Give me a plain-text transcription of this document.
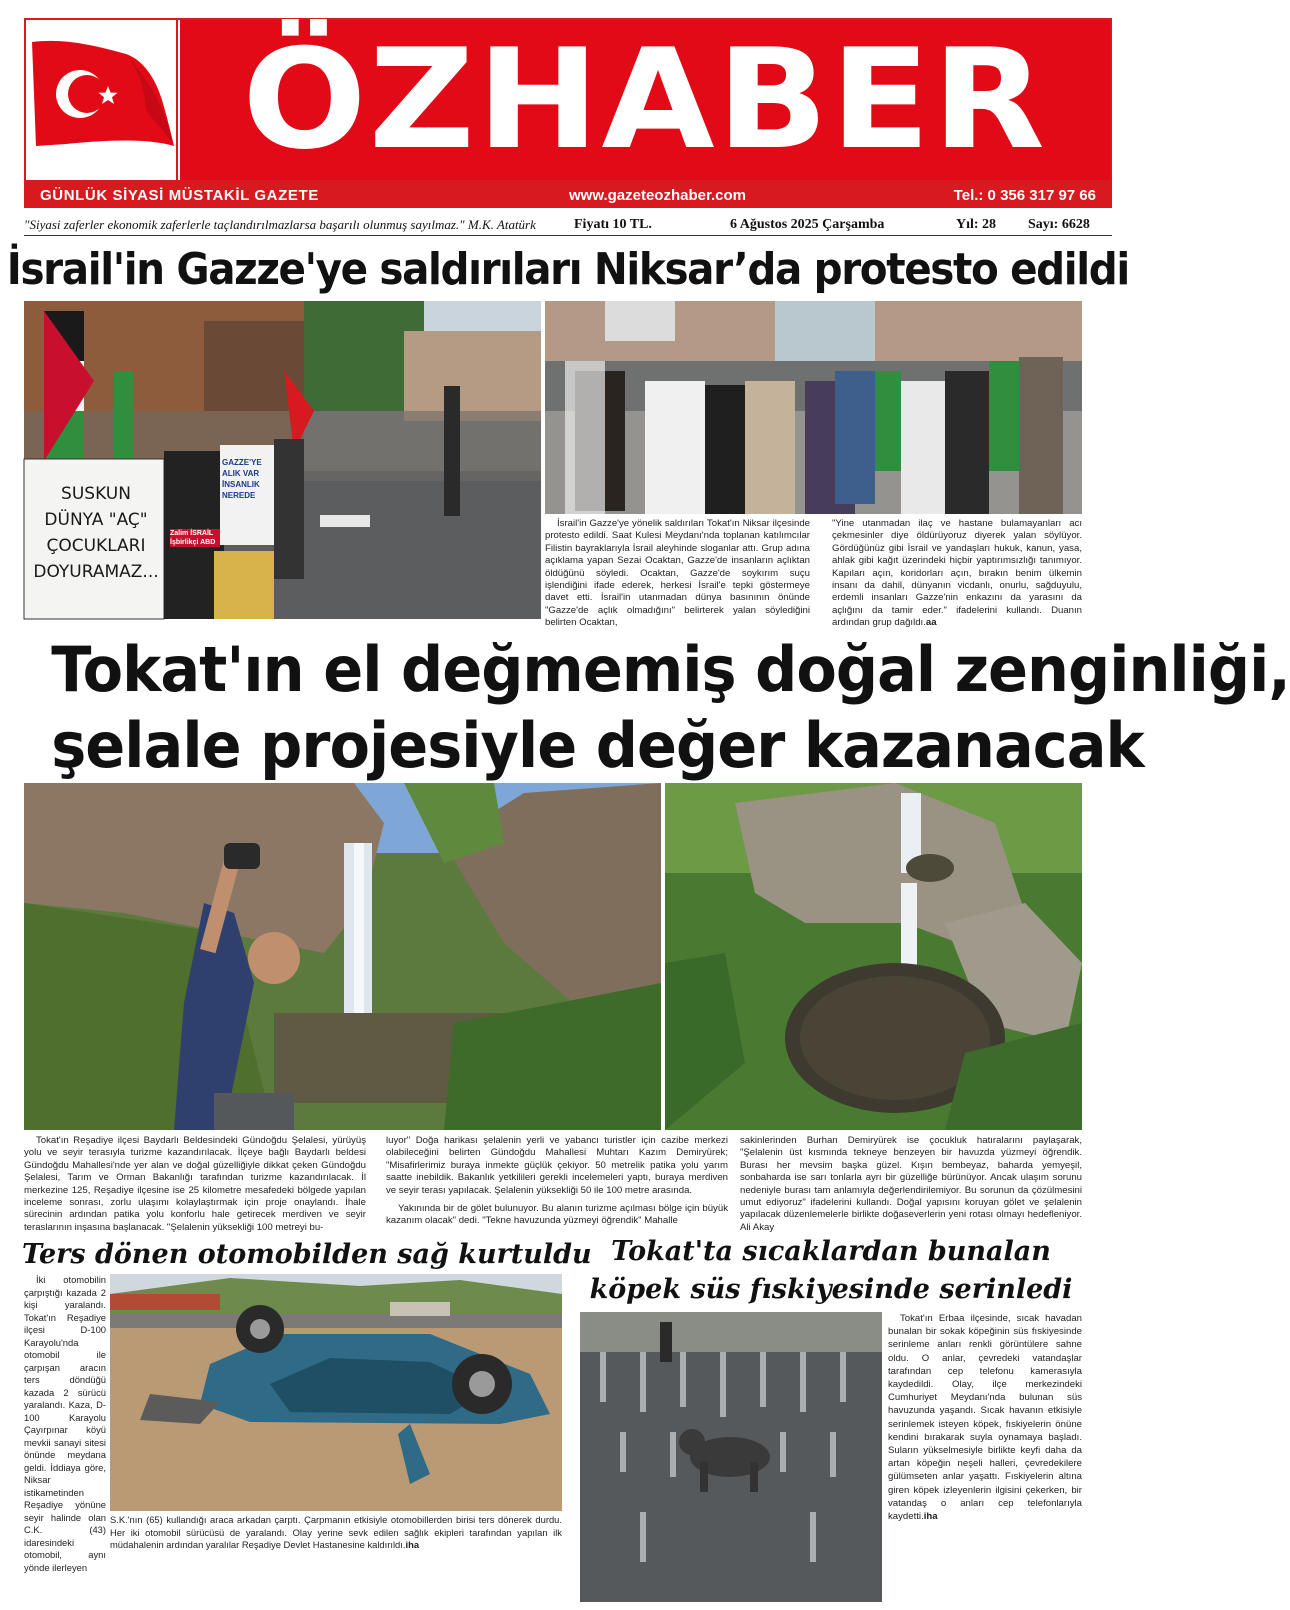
ÖZHABER
GÜNLÜK SİYASİ MÜSTAKİL GAZETE	www.gazeteozhaber.com	Tel.: 0 356 317 97 66
"Siyasi zaferler ekonomik zaferlerle taçlandırılmazlarsa başarılı olunmuş sayılmaz." M.K. Atatürk	Fiyatı 10 TL.	6 Ağustos 2025 Çarşamba	Yıl: 28 Sayı: 6628
İsrail'in Gazze'ye saldırıları Niksar’da protesto edildi
SUSKUN DÜNYA "AÇ" ÇOCUKLARI DOYURAMAZ...
GAZZE'YE ALIK VAR İNSANLIK NEREDE
Zalim İSRAİL İşbirlikçi ABD

İsrail'in Gazze'ye yönelik saldırıları Tokat'ın Niksar ilçesinde protesto edildi. Saat Kulesi Meydanı'nda toplanan katılımcılar Filistin bayraklarıyla İsrail aleyhinde sloganlar attı. Grup adına açıklama yapan Sezai Ocaktan, Gazze'de insanların açlıktan öldüğünü söyledi. Ocaktan, Gazze'de soykırım suçu işlendiğini ifade ederek, herkesi İsrail'e tepki göstermeye davet etti. İsrail'in utanmadan dünya basınının önünde "Gazze'de açlık olmadığını" belirterek yalan söylediğini belirten Ocaktan,

"Yine utanmadan ilaç ve hastane bulamayanları acı çekmesinler diye öldürüyoruz diyerek yalan söylüyor. Gördüğünüz gibi İsrail ve yandaşları hukuk, kanun, yasa, ahlak gibi kağıt üzerindeki hiçbir yaptırımsızlığı tanımıyor. Kapıları açın, koridorları açın, bırakın benim ülkemin insanı da dahil, dünyanın vicdanlı, onurlu, sağduyulu, erdemli insanları Gazze'nin enkazını da yarasını da açlığını da tamir eder." ifadelerini kullandı. Duanın ardından grup dağıldı.aa

Tokat'ın el değmemiş doğal zenginliği,
şelale projesiyle değer kazanacak

Tokat'ın Reşadiye ilçesi Baydarlı Beldesindeki Gündoğdu Şelalesi, yürüyüş yolu ve seyir terasıyla turizme kazandırılacak. İlçeye bağlı Baydarlı beldesi Gündoğdu Mahallesi'nde yer alan ve doğal güzelliğiyle dikkat çeken Gündoğdu Şelalesi, Tarım ve Orman Bakanlığı tarafından turizme kazandırılacak. İl merkezine 125, Reşadiye ilçesine ise 25 kilometre mesafedeki bölgede yapılan inceleme sonrası, zorlu ulaşımı kolaylaştırmak için proje onaylandı. İhale sürecinin ardından patika yolu konforlu hale getirecek merdiven ve seyir teraslarının inşasına başlanacak. "Şelalenin yüksekliği 100 metreyi bu-

luyor" Doğa harikası şelalenin yerli ve yabancı turistler için cazibe merkezi olabileceğini belirten Gündoğdu Mahallesi Muhtarı Kazım Demiryürek; "Misafirlerimiz buraya inmekte güçlük çekiyor. 50 metrelik patika yolu yarım saatte inebildik. Bakanlık yetkilileri gerekli incelemeleri yaptı, buraya merdiven ve seyir terası yapılacak. Şelalenin yüksekliği 50 ile 100 metre arasında.

Yakınında bir de gölet bulunuyor. Bu alanın turizme açılması bölge için büyük kazanım olacak" dedi. "Tekne havuzunda yüzmeyi öğrendik" Mahalle

sakinlerinden Burhan Demiryürek ise çocukluk hatıralarını paylaşarak, "Şelalenin üst kısmında tekneye benzeyen bir havuzda yüzmeyi öğrendik. Burası her mevsim başka güzel. Kışın bembeyaz, baharda yemyeşil, sonbaharda ise sarı tonlarla ayrı bir güzelliğe bürünüyor. Ancak ulaşım sorunu nedeniyle burası tam anlamıyla değerlendirilemiyor. Bu sorunun da çözülmesini umut ediyoruz" ifadelerini kullandı. Doğal yapısını koruyan gölet ve şelalenin yapılacak düzenlemelerle birlikte doğaseverlerin yeni rotası olmayı hedefleniyor. Ali Akay

Ters dönen otomobilden sağ kurtuldu

İki otomobilin çarpıştığı kazada 2 kişi yaralandı. Tokat'ın Reşadiye ilçesi D-100 Karayolu'nda otomobil ile çarpışan aracın ters döndüğü kazada 2 sürücü yaralandı. Kaza, D-100 Karayolu Çayırpınar köyü mevkii sanayi sitesi önünde meydana geldi. İddiaya göre, Niksar istikametinden Reşadiye yönüne seyir halinde olan C.K. (43) idaresindeki otomobil, aynı yönde ilerleyen

S.K.'nın (65) kullandığı araca arkadan çarptı. Çarpmanın etkisiyle otomobillerden birisi ters dönerek durdu. Her iki otomobil sürücüsü de yaralandı. Olay yerine sevk edilen sağlık ekipleri tarafından yapılan ilk müdahalenin ardından yaralılar Reşadiye Devlet Hastanesine kaldırıldı.iha

Tokat'ta sıcaklardan bunalan
köpek süs fıskiyesinde serinledi

Tokat'ın Erbaa ilçesinde, sıcak havadan bunalan bir sokak köpeğinin süs fıskiyesinde serinleme anları renkli görüntülere sahne oldu. O anlar, çevredeki vatandaşlar tarafından cep telefonu kamerasıyla kaydedildi. Olay, ilçe merkezindeki Cumhuriyet Meydanı'nda bulunan süs havuzunda yaşandı. Sıcak havanın etkisiyle serinlemek isteyen köpek, fıskiyelerin önüne kendini bırakarak suyla oynamaya başladı. Suların yükselmesiyle birlikte keyfi daha da artan köpeğin neşeli halleri, çevredekilere gülümseten anlar yaşattı. Fıskiyelerin altına giren köpek izleyenlerin ilgisini çekerken, bir vatandaş o anları cep telefonlarıyla kaydetti.iha
